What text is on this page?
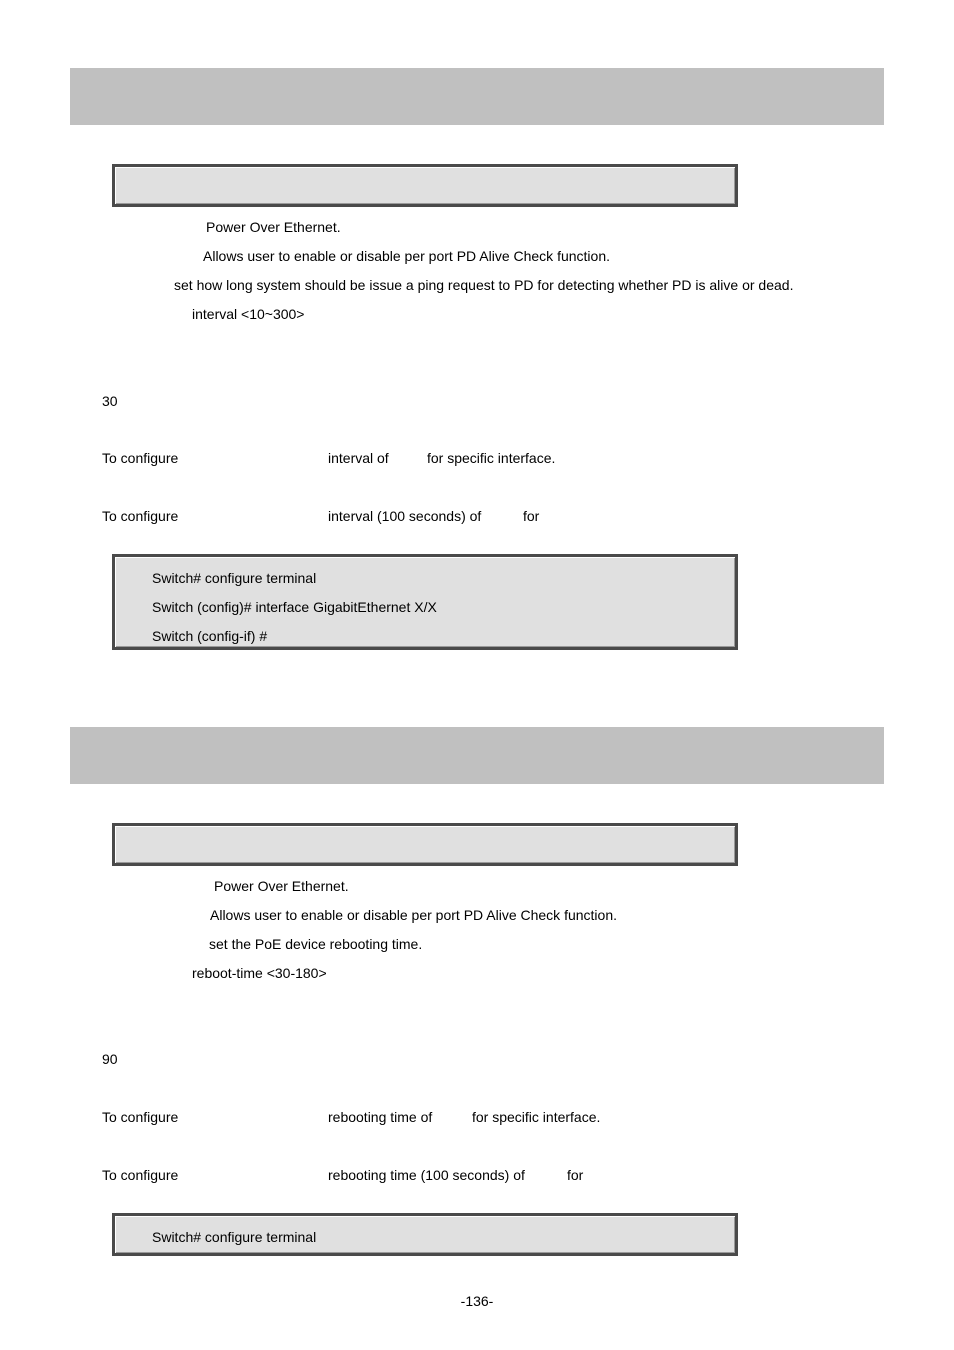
Power Over Ethernet.
Allows user to enable or disable per port PD Alive Check function.
set how long system should be issue a ping request to PD for detecting whether PD is alive or dead.
interval <10~300>
30
To configure	interval of	for specific interface.
To configure	interval (100 seconds) of	for
Switch# configure terminal
Switch (config)# interface GigabitEthernet X/X
Switch (config-if) #
Power Over Ethernet.
Allows user to enable or disable per port PD Alive Check function.
set the PoE device rebooting time.
reboot-time <30-180>
90
To configure	rebooting time of	for specific interface.
To configure	rebooting time (100 seconds) of	for
Switch# configure terminal
-136-
